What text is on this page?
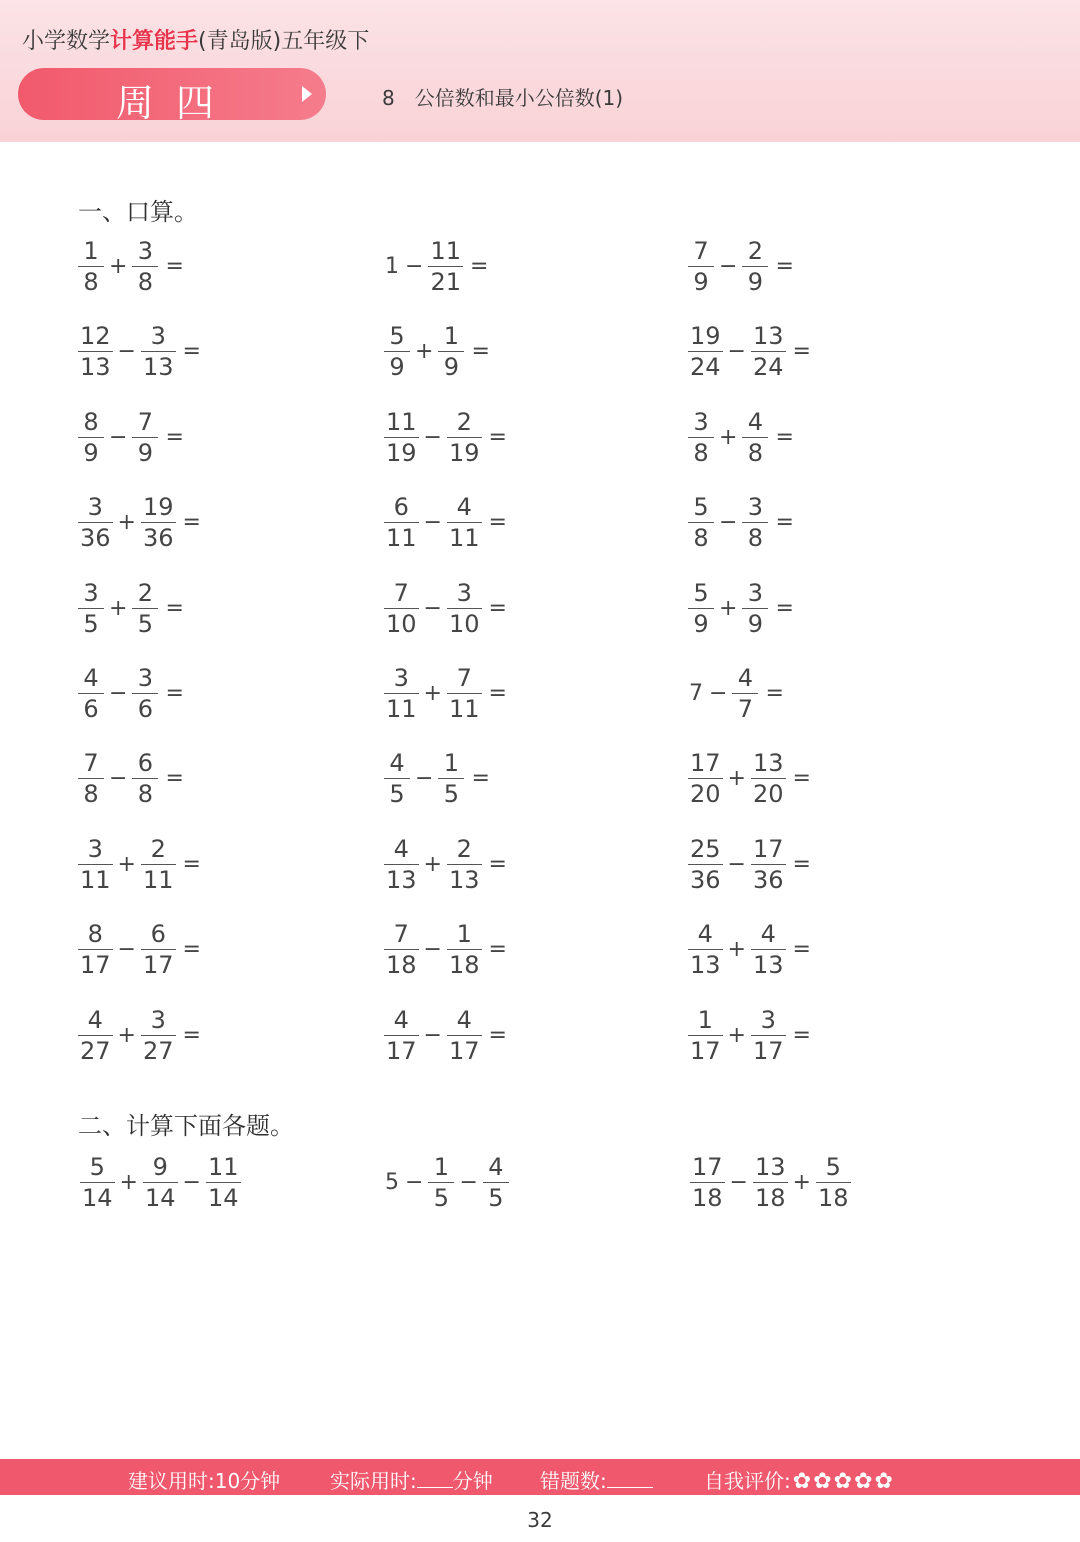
小学数学计算能手(青岛版)五年级下
周四	8 公倍数和最小公倍数(1)
一、口算。
$\frac{1}{8} + \frac{3}{8}$ =	$1 - \frac{11}{21}$ =	$\frac{7}{9} - \frac{2}{9}$ =
$\frac{12}{13} - \frac{3}{13}$ =	$\frac{5}{9} + \frac{1}{9}$ =	$\frac{19}{24} - \frac{13}{24}$ =
$\frac{8}{9} - \frac{7}{9}$ =	$\frac{11}{19} - \frac{2}{19}$ =	$\frac{3}{8} + \frac{4}{8}$ =
$\frac{3}{36} + \frac{19}{36}$ =	$\frac{6}{11} - \frac{4}{11}$ =	$\frac{5}{8} - \frac{3}{8}$ =
$\frac{3}{5} + \frac{2}{5}$ =	$\frac{7}{10} - \frac{3}{10}$ =	$\frac{5}{9} + \frac{3}{9}$ =
$\frac{4}{6} - \frac{3}{6}$ =	$\frac{3}{11} + \frac{7}{11}$ =	$7 - \frac{4}{7}$ =
$\frac{7}{8} - \frac{6}{8}$ =	$\frac{4}{5} - \frac{1}{5}$ =	$\frac{17}{20} + \frac{13}{20}$ =
$\frac{3}{11} + \frac{2}{11}$ =	$\frac{4}{13} + \frac{2}{13}$ =	$\frac{25}{36} - \frac{17}{36}$ =
$\frac{8}{17} - \frac{6}{17}$ =	$\frac{7}{18} - \frac{1}{18}$ =	$\frac{4}{13} + \frac{4}{13}$ =
$\frac{4}{27} + \frac{3}{27}$ =	$\frac{4}{17} - \frac{4}{17}$ =	$\frac{1}{17} + \frac{3}{17}$ =
二、计算下面各题。
$\frac{5}{14} + \frac{9}{14} - \frac{11}{14}$	$5 - \frac{1}{5} - \frac{4}{5}$	$\frac{17}{18} - \frac{13}{18} + \frac{5}{18}$
建议用时:10分钟 实际用时: 分钟 错题数:	自我评价:✿✿✿✿✿
32
